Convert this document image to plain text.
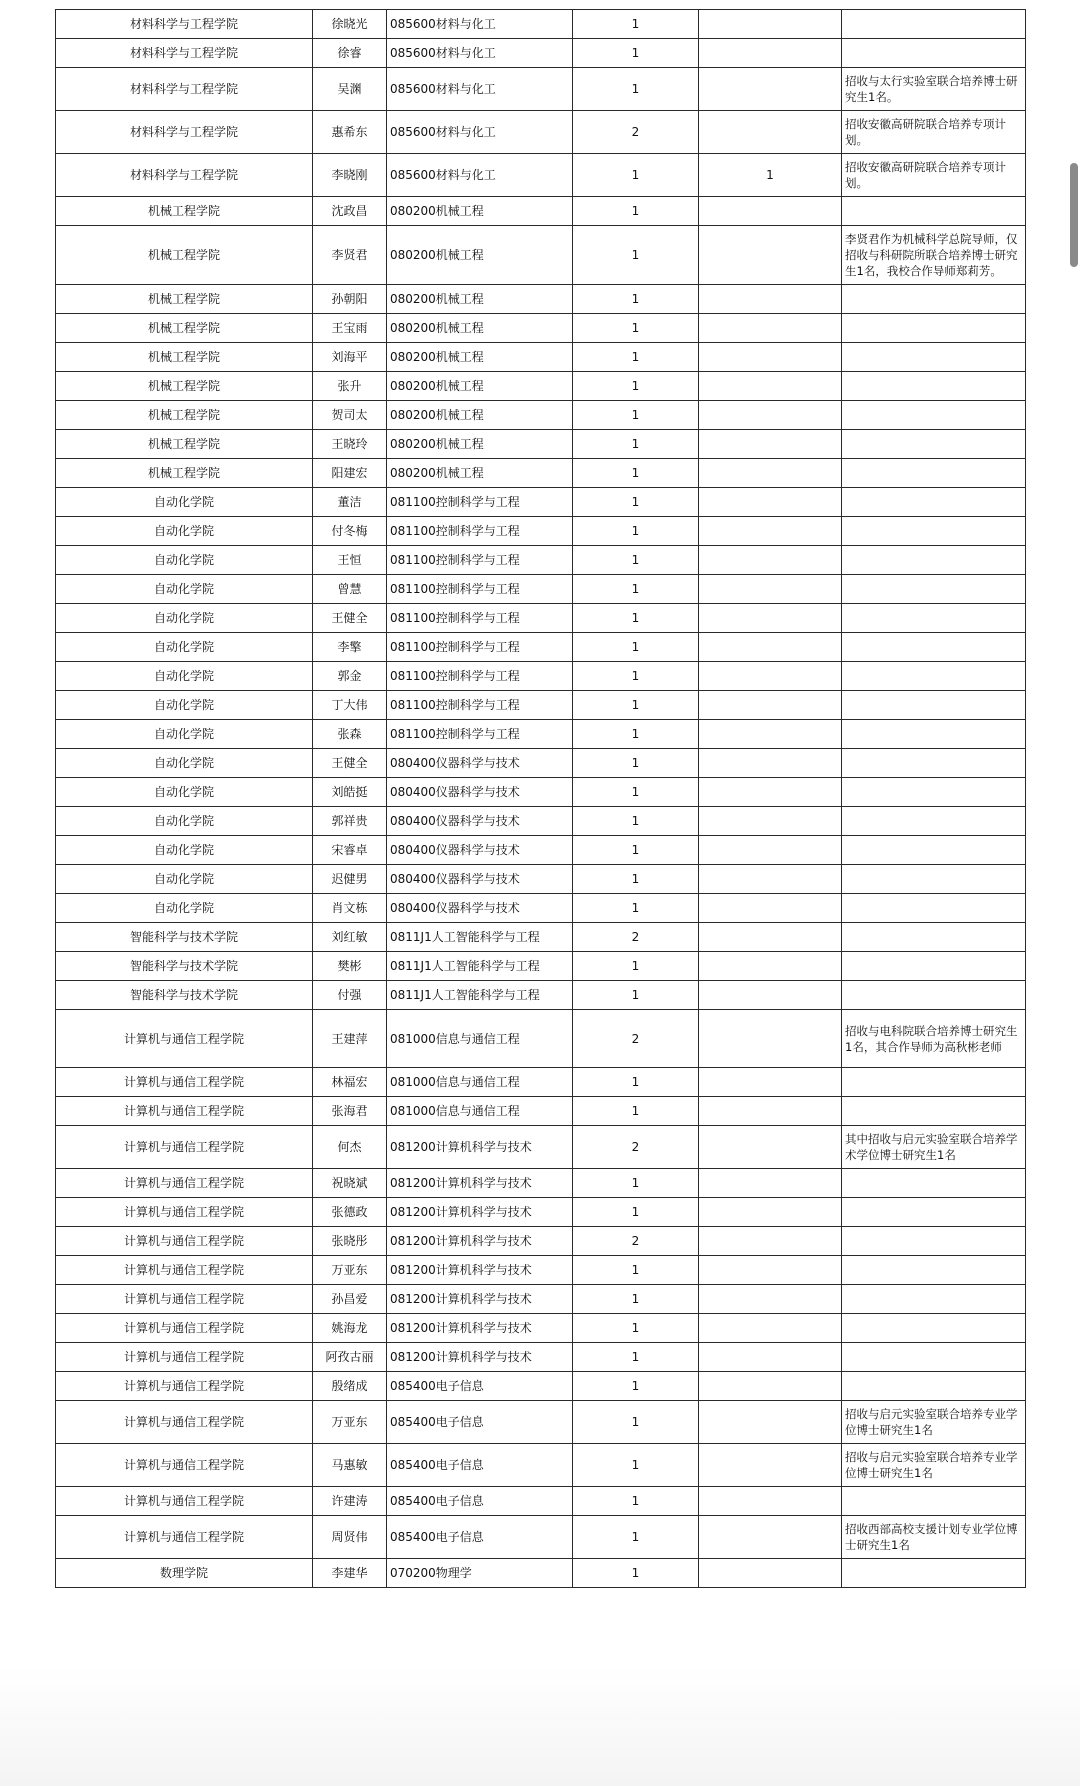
材料科学与工程学院	徐晓光	085600材料与化工	1		
材料科学与工程学院	徐睿	085600材料与化工	1		
材料科学与工程学院	吴渊	085600材料与化工	1		招收与太行实验室联合培养博士研究生1名。
材料科学与工程学院	惠希东	085600材料与化工	2		招收安徽高研院联合培养专项计划。
材料科学与工程学院	李晓刚	085600材料与化工	1	1	招收安徽高研院联合培养专项计划。
机械工程学院	沈政昌	080200机械工程	1		
机械工程学院	李贤君	080200机械工程	1		李贤君作为机械科学总院导师，仅招收与科研院所联合培养博士研究生1名，我校合作导师郑莉芳。
机械工程学院	孙朝阳	080200机械工程	1		
机械工程学院	王宝雨	080200机械工程	1		
机械工程学院	刘海平	080200机械工程	1		
机械工程学院	张升	080200机械工程	1		
机械工程学院	贺司太	080200机械工程	1		
机械工程学院	王晓玲	080200机械工程	1		
机械工程学院	阳建宏	080200机械工程	1		
自动化学院	董洁	081100控制科学与工程	1		
自动化学院	付冬梅	081100控制科学与工程	1		
自动化学院	王恒	081100控制科学与工程	1		
自动化学院	曾慧	081100控制科学与工程	1		
自动化学院	王健全	081100控制科学与工程	1		
自动化学院	李擎	081100控制科学与工程	1		
自动化学院	郭金	081100控制科学与工程	1		
自动化学院	丁大伟	081100控制科学与工程	1		
自动化学院	张森	081100控制科学与工程	1		
自动化学院	王健全	080400仪器科学与技术	1		
自动化学院	刘皓挺	080400仪器科学与技术	1		
自动化学院	郭祥贵	080400仪器科学与技术	1		
自动化学院	宋睿卓	080400仪器科学与技术	1		
自动化学院	迟健男	080400仪器科学与技术	1		
自动化学院	肖文栋	080400仪器科学与技术	1		
智能科学与技术学院	刘红敏	0811J1人工智能科学与工程	2		
智能科学与技术学院	樊彬	0811J1人工智能科学与工程	1		
智能科学与技术学院	付强	0811J1人工智能科学与工程	1		
计算机与通信工程学院	王建萍	081000信息与通信工程	2		招收与电科院联合培养博士研究生1名，其合作导师为高秋彬老师
计算机与通信工程学院	林福宏	081000信息与通信工程	1		
计算机与通信工程学院	张海君	081000信息与通信工程	1		
计算机与通信工程学院	何杰	081200计算机科学与技术	2		其中招收与启元实验室联合培养学术学位博士研究生1名
计算机与通信工程学院	祝晓斌	081200计算机科学与技术	1		
计算机与通信工程学院	张德政	081200计算机科学与技术	1		
计算机与通信工程学院	张晓彤	081200计算机科学与技术	2		
计算机与通信工程学院	万亚东	081200计算机科学与技术	1		
计算机与通信工程学院	孙昌爱	081200计算机科学与技术	1		
计算机与通信工程学院	姚海龙	081200计算机科学与技术	1		
计算机与通信工程学院	阿孜古丽	081200计算机科学与技术	1		
计算机与通信工程学院	殷绪成	085400电子信息	1		
计算机与通信工程学院	万亚东	085400电子信息	1		招收与启元实验室联合培养专业学位博士研究生1名
计算机与通信工程学院	马惠敏	085400电子信息	1		招收与启元实验室联合培养专业学位博士研究生1名
计算机与通信工程学院	许建涛	085400电子信息	1		
计算机与通信工程学院	周贤伟	085400电子信息	1		招收西部高校支援计划专业学位博士研究生1名
数理学院	李建华	070200物理学	1		
